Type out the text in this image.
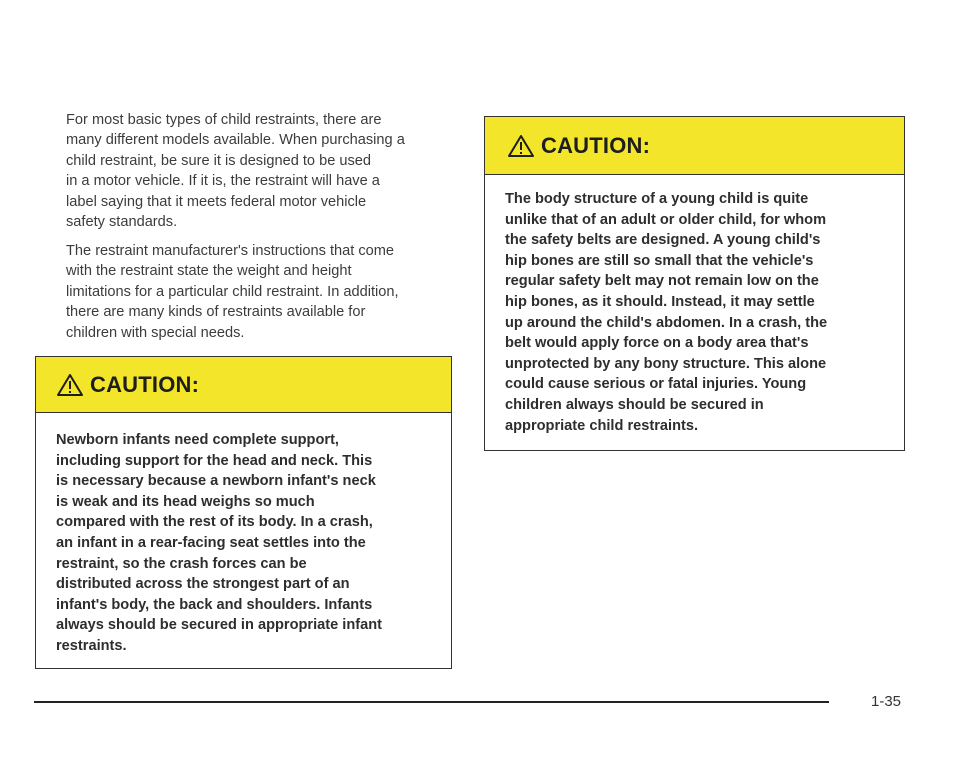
For most basic types of child restraints, there are
many different models available. When purchasing a
child restraint, be sure it is designed to be used
in a motor vehicle. If it is, the restraint will have a
label saying that it meets federal motor vehicle
safety standards.

The restraint manufacturer's instructions that come
with the restraint state the weight and height
limitations for a particular child restraint. In addition,
there are many kinds of restraints available for
children with special needs.

CAUTION:

Newborn infants need complete support,
including support for the head and neck. This
is necessary because a newborn infant's neck
is weak and its head weighs so much
compared with the rest of its body. In a crash,
an infant in a rear-facing seat settles into the
restraint, so the crash forces can be
distributed across the strongest part of an
infant's body, the back and shoulders. Infants
always should be secured in appropriate infant
restraints.

CAUTION:

The body structure of a young child is quite
unlike that of an adult or older child, for whom
the safety belts are designed. A young child's
hip bones are still so small that the vehicle's
regular safety belt may not remain low on the
hip bones, as it should. Instead, it may settle
up around the child's abdomen. In a crash, the
belt would apply force on a body area that's
unprotected by any bony structure. This alone
could cause serious or fatal injuries. Young
children always should be secured in
appropriate child restraints.

1-35
